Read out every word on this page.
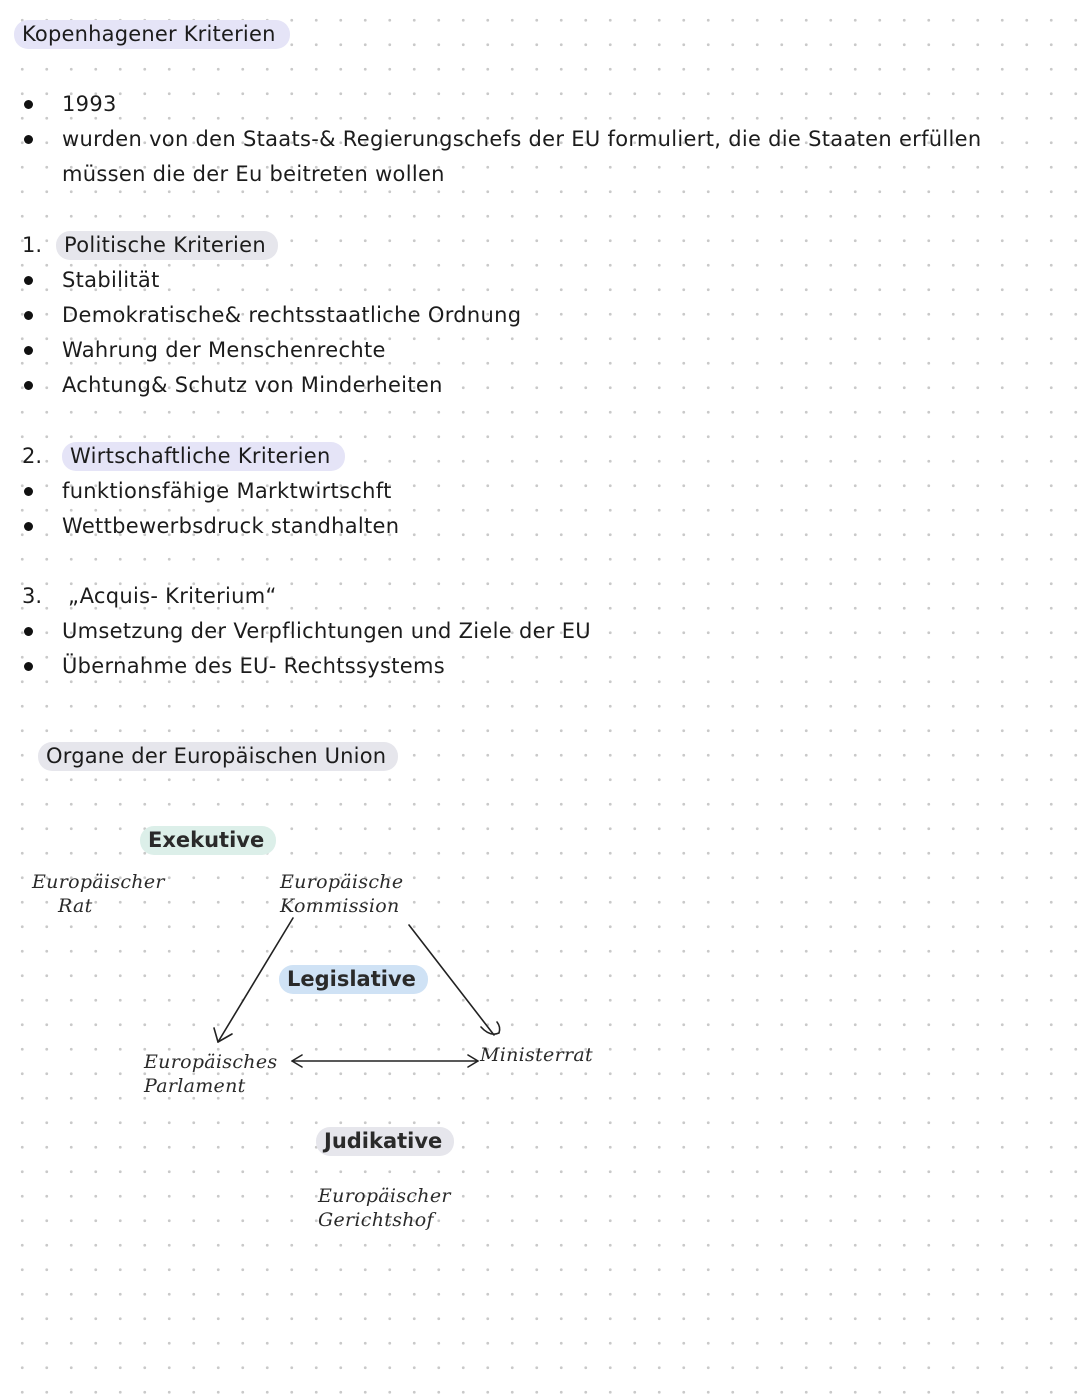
Kopenhagener Kriterien
1993
wurden von den Staats-& Regierungschefs der EU formuliert, die die Staaten erfüllen
müssen die der Eu beitreten wollen
1.	Politische Kriterien
Stabilität
Demokratische& rechtsstaatliche Ordnung
Wahrung der Menschenrechte
Achtung& Schutz von Minderheiten
2.	Wirtschaftliche Kriterien
funktionsfähige Marktwirtschft
Wettbewerbsdruck standhalten
3. „Acquis- Kriterium“
Umsetzung der Verpflichtungen und Ziele der EU
Übernahme des EU- Rechtssystems
Organe der Europäischen Union
Exekutive
Europäischer
Rat
Europäische
Kommission
Legislative
Europäisches
Parlament
Ministerrat
Judikative
Europäischer
Gerichtshof
